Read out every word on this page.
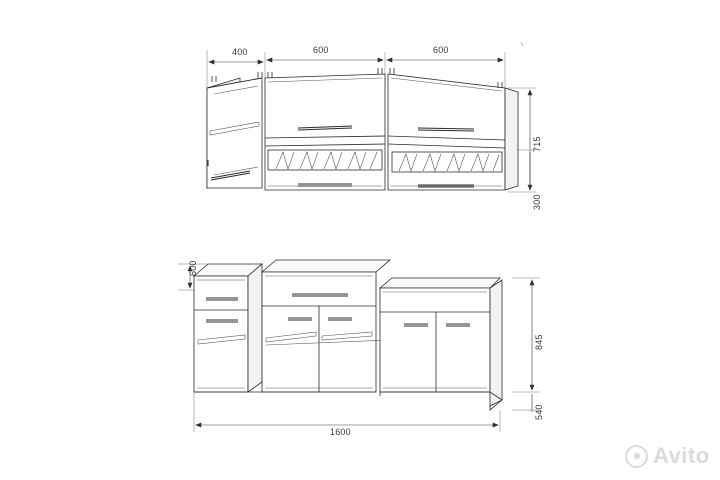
400	600	600
715
300
600
845
540
1600
Avito
